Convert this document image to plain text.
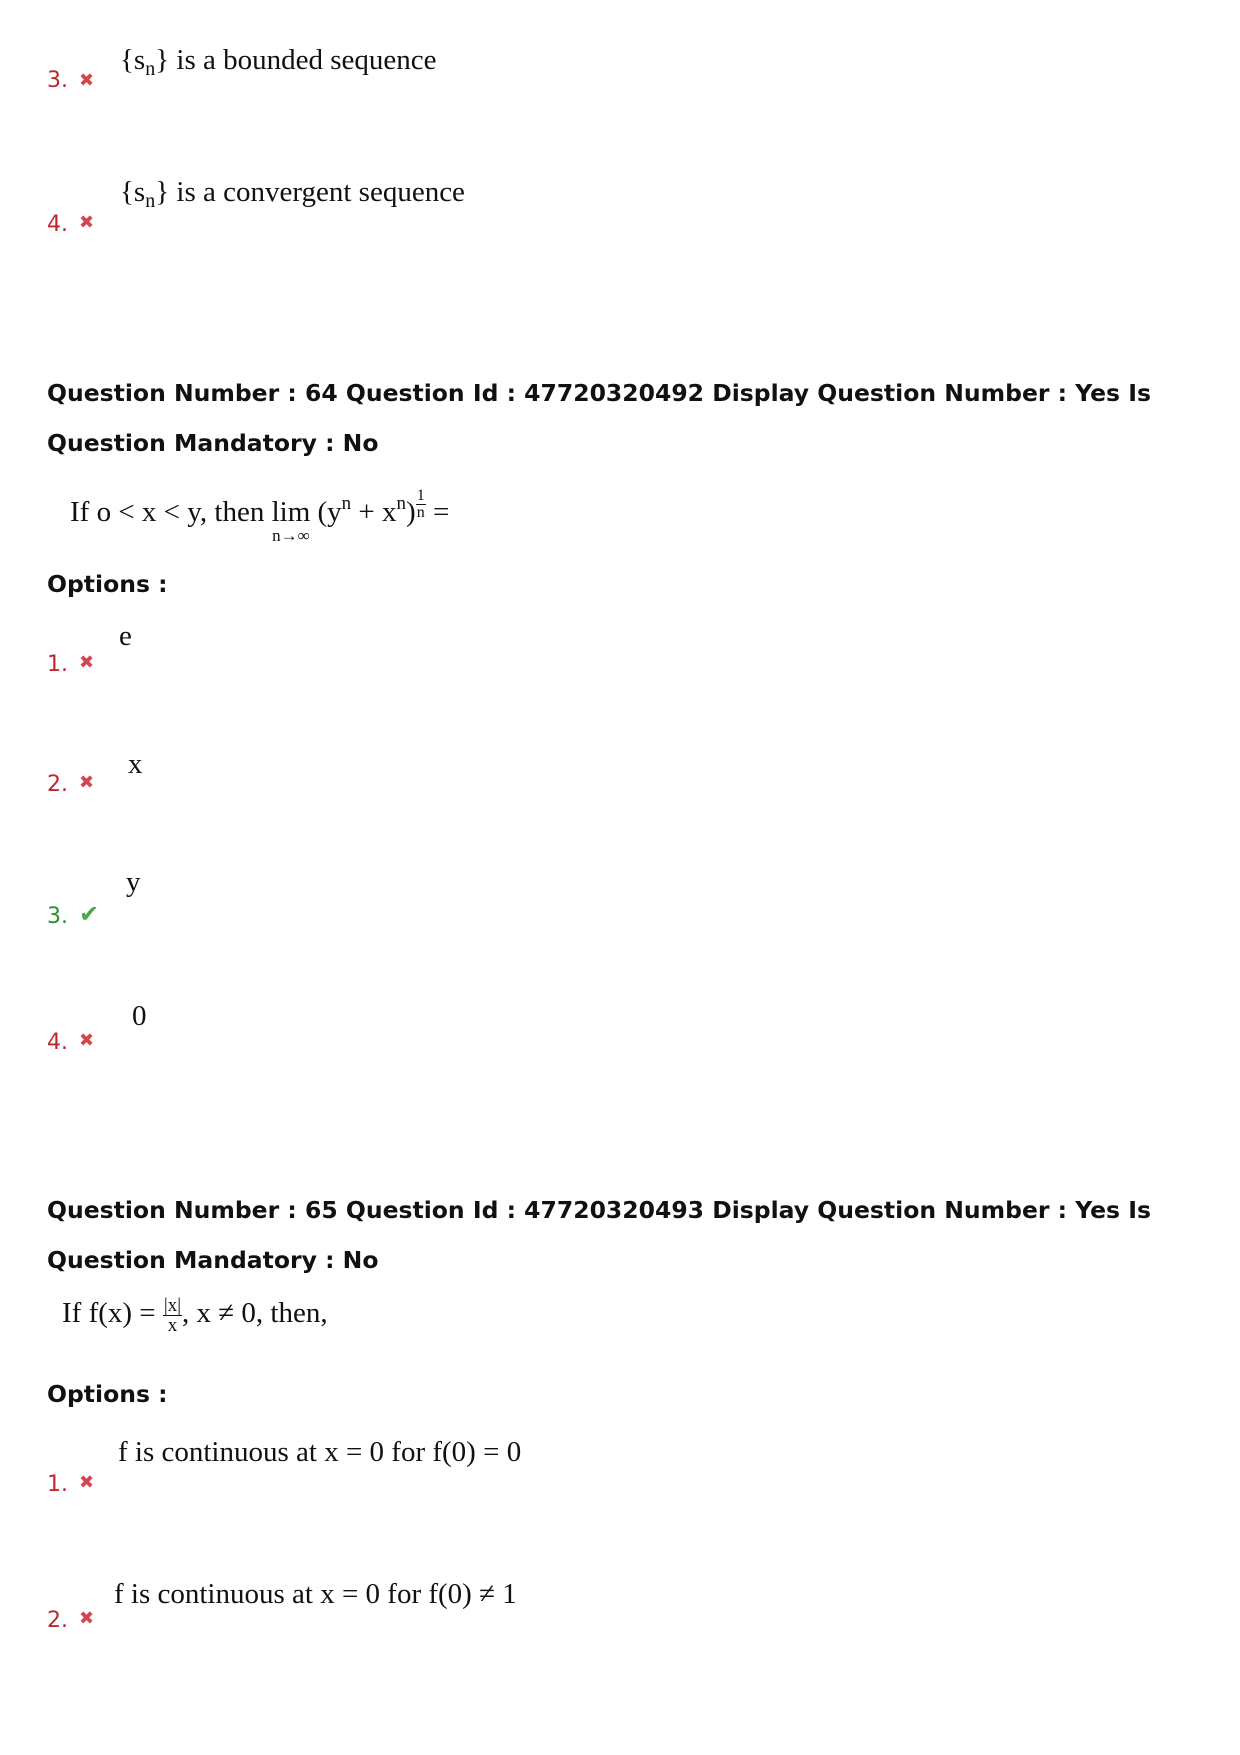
3. ✖
$\{s_n\}$ is a bounded sequence
4. ✖
$\{s_n\}$ is a convergent sequence
Question Number : 64 Question Id : 47720320492 Display Question Number : Yes Is Question Mandatory : No
If o < x < y, then lim
n→∞
$(y^n + x^n) ^{\frac{1}{n}}$ =
Options :
1. ✖
e
2. ✖
x
3. ✔
y
4. ✖
0
Question Number : 65 Question Id : 47720320493 Display Question Number : Yes Is Question Mandatory : No
If $f(x) = \frac{|x|}{x}$ , x ≠ 0, then,
Options :
1. ✖
f is continuous at x = 0 for f(0) = 0
2. ✖
f is continuous at x = 0 for f(0) ≠ 1
